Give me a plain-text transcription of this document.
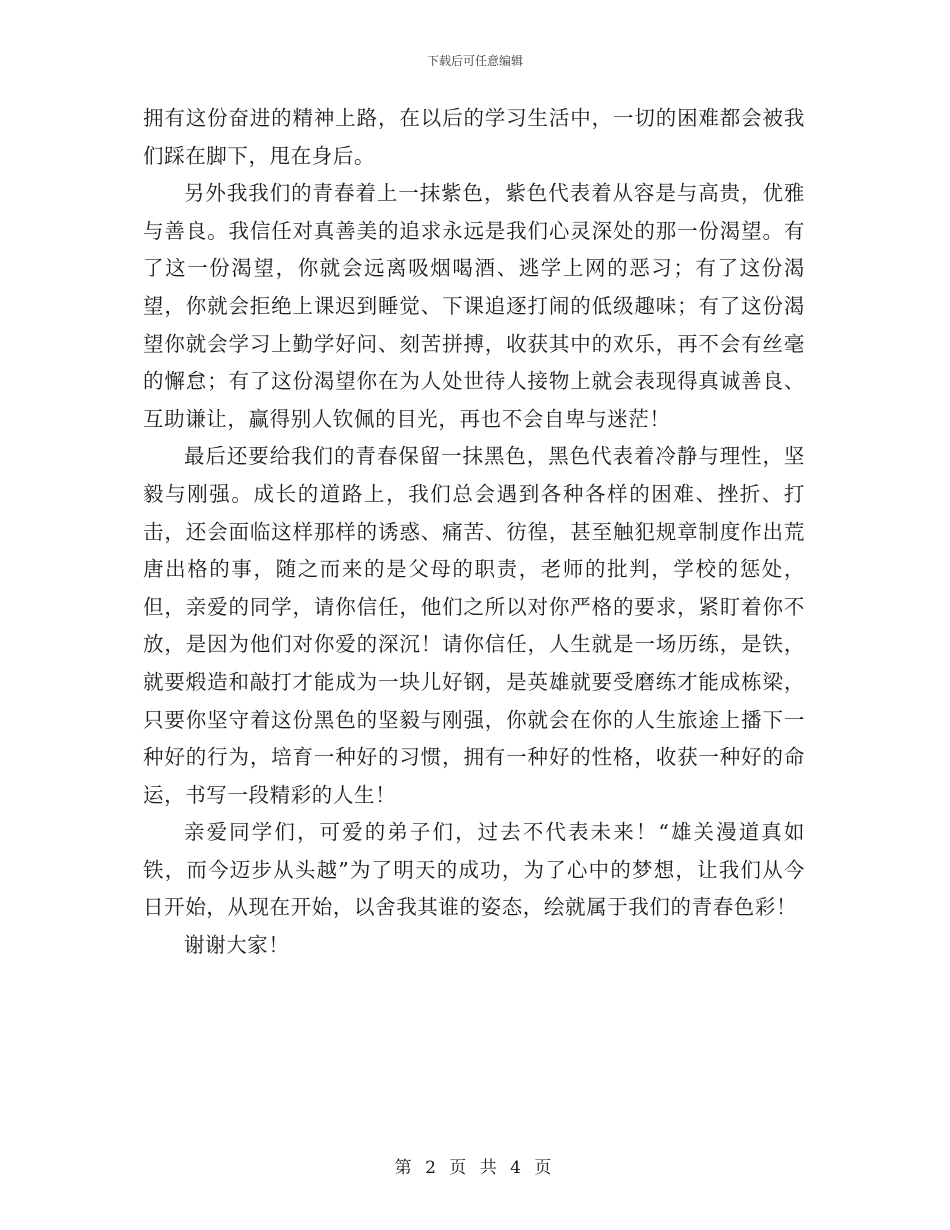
下载后可任意编辑

拥有这份奋进的精神上路，在以后的学习生活中，一切的困难都会被我们踩在脚下，甩在身后。

另外我我们的青春着上一抹紫色，紫色代表着从容是与高贵，优雅与善良。我信任对真善美的追求永远是我们心灵深处的那一份渴望。有了这一份渴望，你就会远离吸烟喝酒、逃学上网的恶习；有了这份渴望，你就会拒绝上课迟到睡觉、下课追逐打闹的低级趣味；有了这份渴望你就会学习上勤学好问、刻苦拼搏，收获其中的欢乐，再不会有丝毫的懈怠；有了这份渴望你在为人处世待人接物上就会表现得真诚善良、互助谦让，赢得别人钦佩的目光，再也不会自卑与迷茫！

最后还要给我们的青春保留一抹黑色，黑色代表着冷静与理性，坚毅与刚强。成长的道路上，我们总会遇到各种各样的困难、挫折、打击，还会面临这样那样的诱惑、痛苦、彷徨，甚至触犯规章制度作出荒唐出格的事，随之而来的是父母的职责，老师的批判，学校的惩处，但，亲爱的同学，请你信任，他们之所以对你严格的要求，紧盯着你不放，是因为他们对你爱的深沉！请你信任，人生就是一场历练，是铁，就要煅造和敲打才能成为一块儿好钢，是英雄就要受磨练才能成栋梁，只要你坚守着这份黑色的坚毅与刚强，你就会在你的人生旅途上播下一种好的行为，培育一种好的习惯，拥有一种好的性格，收获一种好的命运，书写一段精彩的人生！

亲爱同学们，可爱的弟子们，过去不代表未来！“雄关漫道真如铁，而今迈步从头越”为了明天的成功，为了心中的梦想，让我们从今日开始，从现在开始，以舍我其谁的姿态，绘就属于我们的青春色彩！

谢谢大家！

第 2 页 共 4 页
